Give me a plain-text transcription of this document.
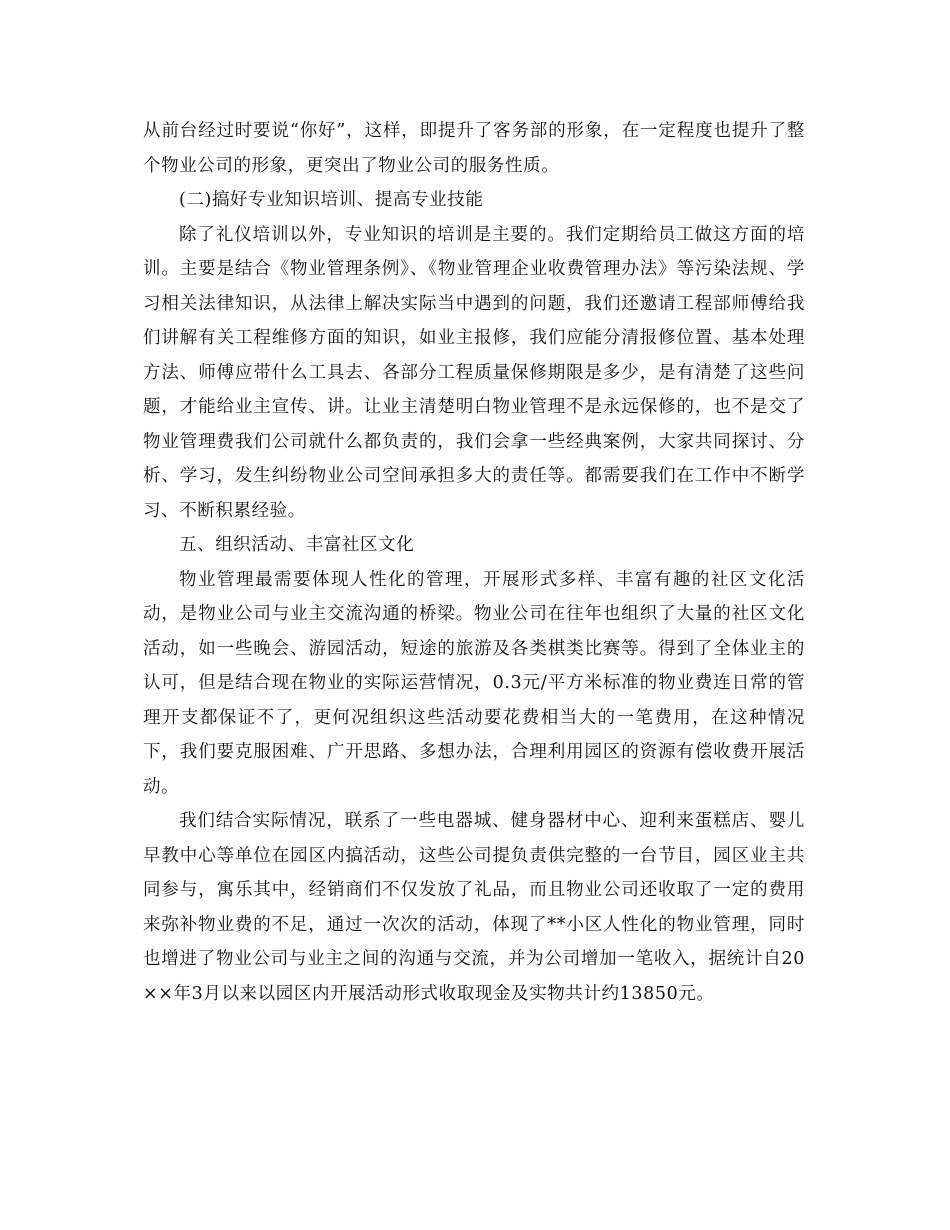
从前台经过时要说“你好”，这样，即提升了客务部的形象，在一定程度也提升了整个物业公司的形象，更突出了物业公司的服务性质。

(二)搞好专业知识培训、提高专业技能

除了礼仪培训以外，专业知识的培训是主要的。我们定期给员工做这方面的培训。主要是结合《物业管理条例》、《物业管理企业收费管理办法》等污染法规、学习相关法律知识，从法律上解决实际当中遇到的问题，我们还邀请工程部师傅给我们讲解有关工程维修方面的知识，如业主报修，我们应能分清报修位置、基本处理方法、师傅应带什么工具去、各部分工程质量保修期限是多少，是有清楚了这些问题，才能给业主宣传、讲。让业主清楚明白物业管理不是永远保修的，也不是交了物业管理费我们公司就什么都负责的，我们会拿一些经典案例，大家共同探讨、分析、学习，发生纠纷物业公司空间承担多大的责任等。都需要我们在工作中不断学习、不断积累经验。

五、组织活动、丰富社区文化

物业管理最需要体现人性化的管理，开展形式多样、丰富有趣的社区文化活动，是物业公司与业主交流沟通的桥梁。物业公司在往年也组织了大量的社区文化活动，如一些晚会、游园活动，短途的旅游及各类棋类比赛等。得到了全体业主的认可，但是结合现在物业的实际运营情况，0.3元/平方米标准的物业费连日常的管理开支都保证不了，更何况组织这些活动要花费相当大的一笔费用，在这种情况下，我们要克服困难、广开思路、多想办法，合理利用园区的资源有偿收费开展活动。

我们结合实际情况，联系了一些电器城、健身器材中心、迎利来蛋糕店、婴儿早教中心等单位在园区内搞活动，这些公司提负责供完整的一台节目，园区业主共同参与，寓乐其中，经销商们不仅发放了礼品，而且物业公司还收取了一定的费用来弥补物业费的不足，通过一次次的活动，体现了**小区人性化的物业管理，同时也增进了物业公司与业主之间的沟通与交流，并为公司增加一笔收入，据统计自20××年3月以来以园区内开展活动形式收取现金及实物共计约13850元。
